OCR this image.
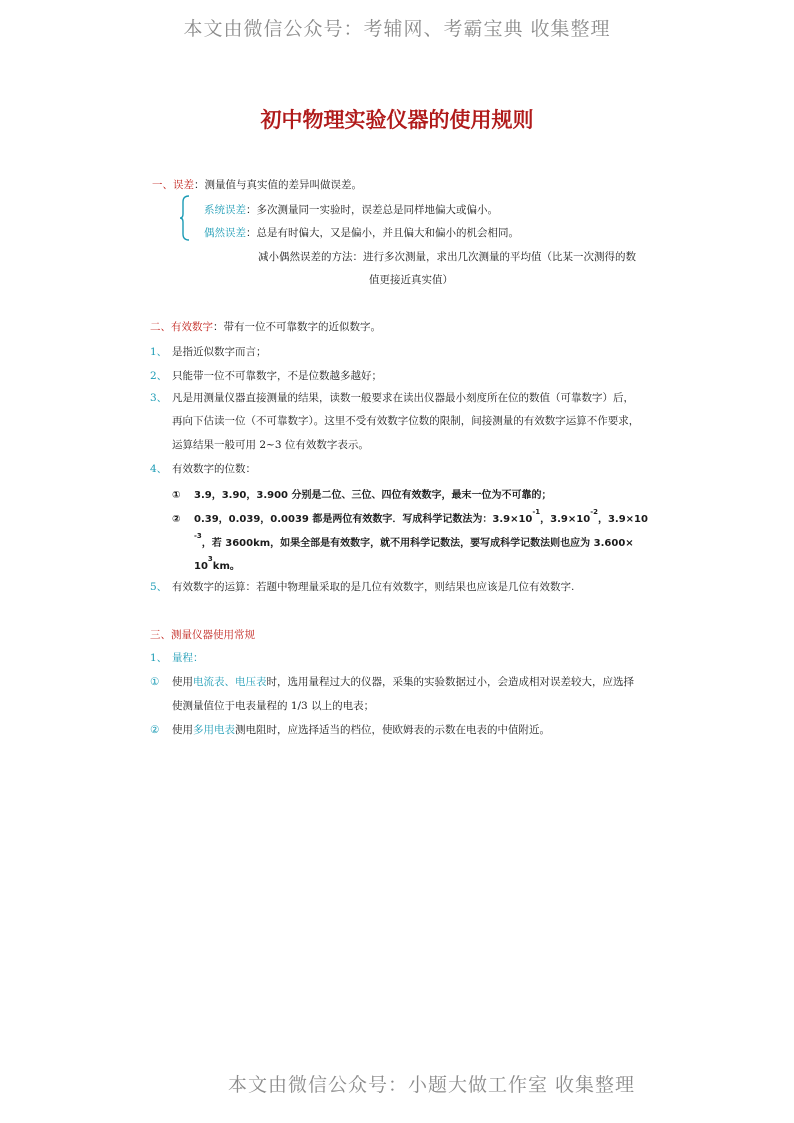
本文由微信公众号：考辅网、考霸宝典 收集整理
初中物理实验仪器的使用规则
一、误差：测量值与真实值的差异叫做误差。
系统误差：多次测量同一实验时，误差总是同样地偏大或偏小。
偶然误差：总是有时偏大，又是偏小，并且偏大和偏小的机会相同。
减小偶然误差的方法：进行多次测量，求出几次测量的平均值（比某一次测得的数
值更接近真实值）
二、有效数字：带有一位不可靠数字的近似数字。
1、 是指近似数字而言；
2、 只能带一位不可靠数字，不是位数越多越好；
3、 凡是用测量仪器直接测量的结果，读数一般要求在读出仪器最小刻度所在位的数值（可靠数字）后，
再向下估读一位（不可靠数字）。这里不受有效数字位数的限制，间接测量的有效数字运算不作要求，
运算结果一般可用 2~3 位有效数字表示。
4、 有效数字的位数：
① 3.9，3.90，3.900 分别是二位、三位、四位有效数字，最末一位为不可靠的；
② 0.39，0.039，0.0039 都是两位有效数字．写成科学记数法为：$3.9\times 10^{-1}$，$3.9\times 10^{-2}$，3.9×10
$^{-3}$，若 3600km，如果全部是有效数字，就不用科学记数法，要写成科学记数法则也应为 3.600×
$10^3km$。
5、 有效数字的运算：若题中物理量采取的是几位有效数字，则结果也应该是几位有效数字.
三、测量仪器使用常规
1、 量程：
① 使用电流表、电压表时，选用量程过大的仪器，采集的实验数据过小，会造成相对误差较大，应选择
使测量值位于电表量程的 1/3 以上的电表；
② 使用多用电表测电阻时，应选择适当的档位，使欧姆表的示数在电表的中值附近。
本文由微信公众号：小题大做工作室 收集整理
